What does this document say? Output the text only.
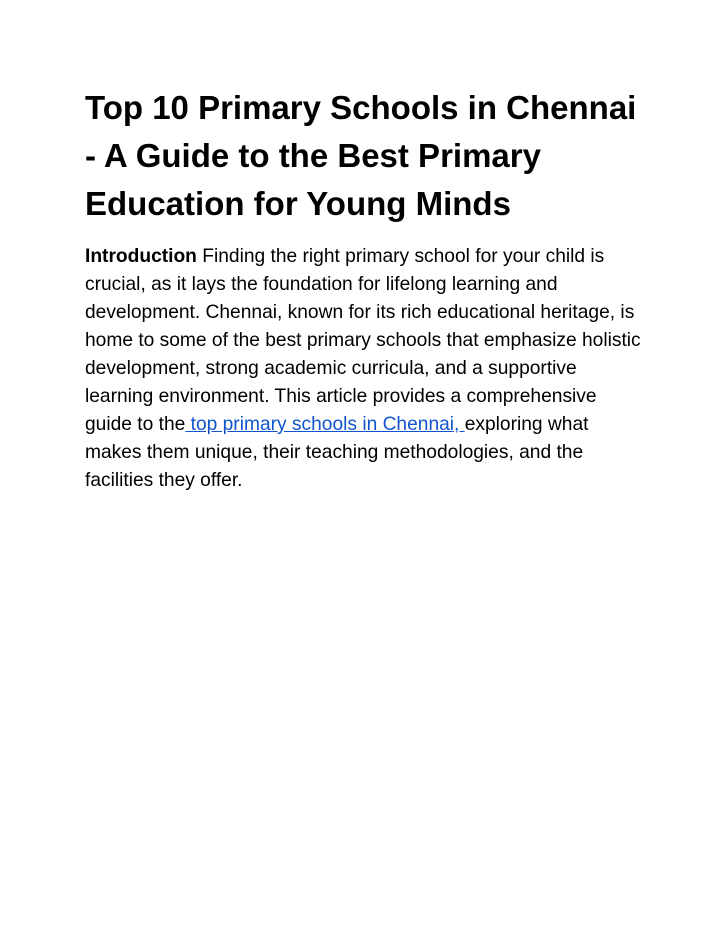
Top 10 Primary Schools in Chennai - A Guide to the Best Primary Education for Young Minds

Introduction Finding the right primary school for your child is crucial, as it lays the foundation for lifelong learning and development. Chennai, known for its rich educational heritage, is home to some of the best primary schools that emphasize holistic development, strong academic curricula, and a supportive learning environment. This article provides a comprehensive guide to the top primary schools in Chennai, exploring what makes them unique, their teaching methodologies, and the facilities they offer.
